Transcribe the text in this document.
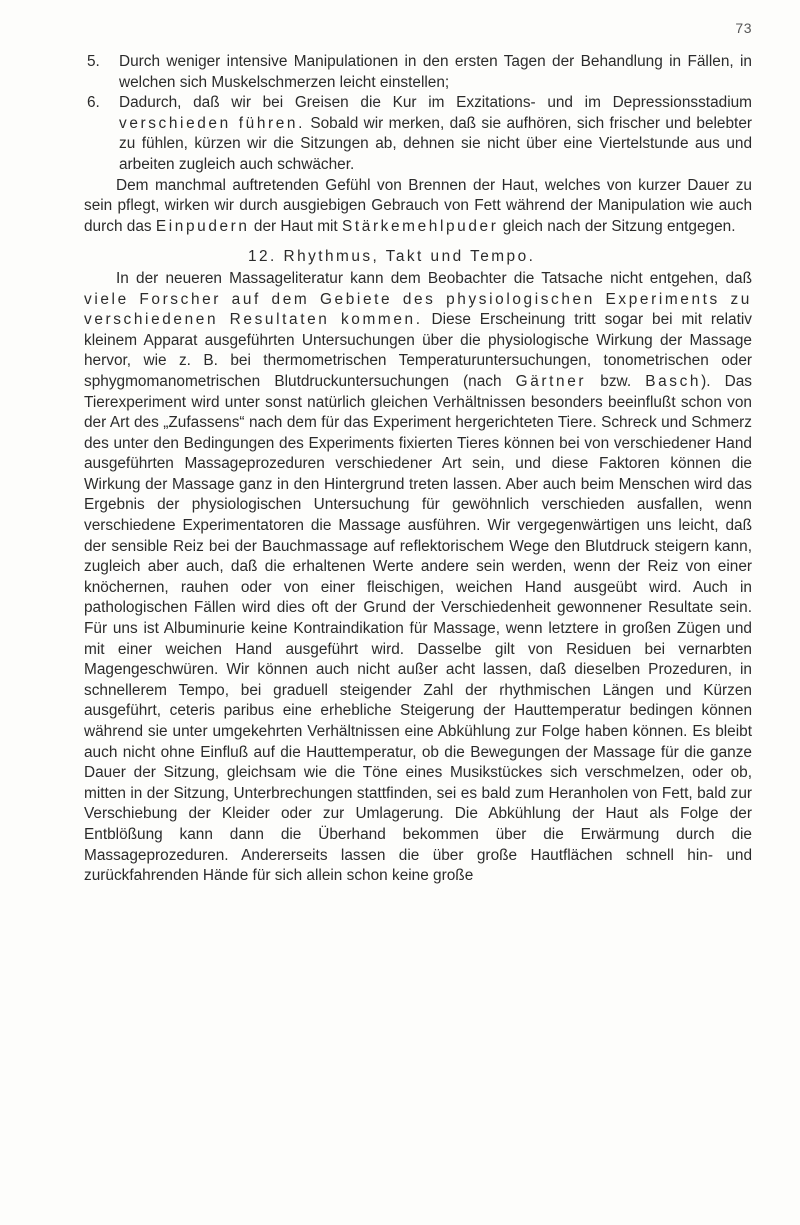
73
5.	Durch weniger intensive Manipulationen in den ersten Tagen der Behandlung in Fällen, in welchen sich Muskelschmerzen leicht einstellen;
6.	Dadurch, daß wir bei Greisen die Kur im Exzitations- und im Depressionsstadium verschieden führen. Sobald wir merken, daß sie aufhören, sich frischer und belebter zu fühlen, kürzen wir die Sitzungen ab, dehnen sie nicht über eine Viertelstunde aus und arbeiten zugleich auch schwächer.

Dem manchmal auftretenden Gefühl von Brennen der Haut, welches von kurzer Dauer zu sein pflegt, wirken wir durch ausgiebigen Gebrauch von Fett während der Manipulation wie auch durch das Einpudern der Haut mit Stärkemehlpuder gleich nach der Sitzung entgegen.

12. Rhythmus, Takt und Tempo.

In der neueren Massageliteratur kann dem Beobachter die Tatsache nicht entgehen, daß viele Forscher auf dem Gebiete des physiologischen Experiments zu verschiedenen Resultaten kommen. Diese Erscheinung tritt sogar bei mit relativ kleinem Apparat ausgeführten Untersuchungen über die physiologische Wirkung der Massage hervor, wie z. B. bei thermometrischen Temperaturuntersuchungen, tonometrischen oder sphygmomanometrischen Blutdruckuntersuchungen (nach Gärtner bzw. Basch). Das Tierexperiment wird unter sonst natürlich gleichen Verhältnissen besonders beeinflußt schon von der Art des „Zufassens“ nach dem für das Experiment hergerichteten Tiere. Schreck und Schmerz des unter den Bedingungen des Experiments fixierten Tieres können bei von verschiedener Hand ausgeführten Massageprozeduren verschiedener Art sein, und diese Faktoren können die Wirkung der Massage ganz in den Hintergrund treten lassen. Aber auch beim Menschen wird das Ergebnis der physiologischen Untersuchung für gewöhnlich verschieden ausfallen, wenn verschiedene Experimentatoren die Massage ausführen. Wir vergegenwärtigen uns leicht, daß der sensible Reiz bei der Bauchmassage auf reflektorischem Wege den Blutdruck steigern kann, zugleich aber auch, daß die erhaltenen Werte andere sein werden, wenn der Reiz von einer knöchernen, rauhen oder von einer fleischigen, weichen Hand ausgeübt wird. Auch in pathologischen Fällen wird dies oft der Grund der Verschiedenheit gewonnener Resultate sein. Für uns ist Albuminurie keine Kontraindikation für Massage, wenn letztere in großen Zügen und mit einer weichen Hand ausgeführt wird. Dasselbe gilt von Residuen bei vernarbten Magengeschwüren. Wir können auch nicht außer acht lassen, daß dieselben Prozeduren, in schnellerem Tempo, bei graduell steigender Zahl der rhythmischen Längen und Kürzen ausgeführt, ceteris paribus eine erhebliche Steigerung der Hauttemperatur bedingen können während sie unter umgekehrten Verhältnissen eine Abkühlung zur Folge haben können. Es bleibt auch nicht ohne Einfluß auf die Hauttemperatur, ob die Bewegungen der Massage für die ganze Dauer der Sitzung, gleichsam wie die Töne eines Musikstückes sich verschmelzen, oder ob, mitten in der Sitzung, Unterbrechungen stattfinden, sei es bald zum Heranholen von Fett, bald zur Verschiebung der Kleider oder zur Umlagerung. Die Abkühlung der Haut als Folge der Entblößung kann dann die Überhand bekommen über die Erwärmung durch die Massageprozeduren. Andererseits lassen die über große Hautflächen schnell hin- und zurückfahrenden Hände für sich allein schon keine große
